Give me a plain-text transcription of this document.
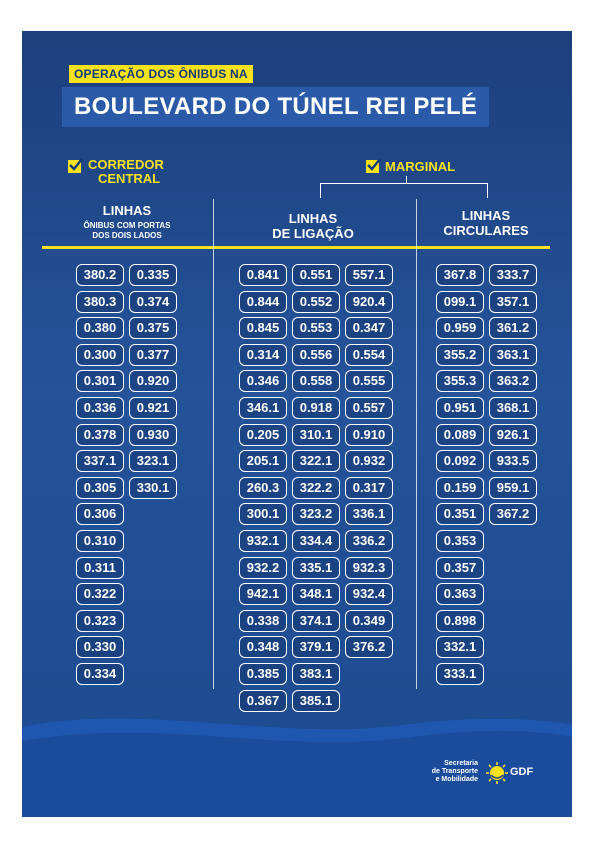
OPERAÇÃO DOS ÔNIBUS NA
BOULEVARD DO TÚNEL REI PELÉ
CORREDOR
CENTRAL
MARGINAL
LINHAS
ÔNIBUS COM PORTAS
DOS DOIS LADOS
LINHAS
DE LIGAÇÃO
LINHAS
CIRCULARES
380.2
380.3
0.380
0.300
0.301
0.336
0.378
337.1
0.305
0.306
0.310
0.311
0.322
0.323
0.330
0.334
0.335
0.374
0.375
0.377
0.920
0.921
0.930
323.1
330.1
0.841
0.844
0.845
0.314
0.346
346.1
0.205
205.1
260.3
300.1
932.1
932.2
942.1
0.338
0.348
0.385
0.367
0.551
0.552
0.553
0.556
0.558
0.918
310.1
322.1
322.2
323.2
334.4
335.1
348.1
374.1
379.1
383.1
385.1
557.1
920.4
0.347
0.554
0.555
0.557
0.910
0.932
0.317
336.1
336.2
932.3
932.4
0.349
376.2
367.8
099.1
0.959
355.2
355.3
0.951
0.089
0.092
0.159
0.351
0.353
0.357
0.363
0.898
332.1
333.1
333.7
357.1
361.2
363.1
363.2
368.1
926.1
933.5
959.1
367.2
Secretaria
de Transporte
e Mobilidade
GDF
